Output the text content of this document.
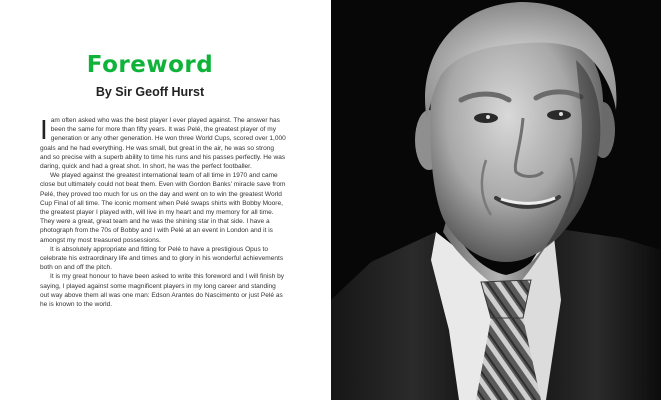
Foreword
By Sir Geoff Hurst

Iam often asked who was the best player I ever played against. The answer has been the same for more than fifty years. It was Pelé, the greatest player of my generation or any other generation. He won three World Cups, scored over 1,000 goals and he had everything. He was small, but great in the air, he was so strong and so precise with a superb ability to time his runs and his passes perfectly. He was daring, quick and had a great shot. In short, he was the perfect footballer.

We played against the greatest international team of all time in 1970 and came close but ultimately could not beat them. Even with Gordon Banks' miracle save from Pelé, they proved too much for us on the day and went on to win the greatest World Cup Final of all time. The iconic moment when Pelé swaps shirts with Bobby Moore, the greatest player I played with, will live in my heart and my memory for all time. They were a great, great team and he was the shining star in that side. I have a photograph from the 70s of Bobby and I with Pelé at an event in London and it is amongst my most treasured possessions.

It is absolutely appropriate and fitting for Pelé to have a prestigious Opus to celebrate his extraordinary life and times and to glory in his wonderful achievements both on and off the pitch.

It is my great honour to have been asked to write this foreword and I will finish by saying, I played against some magnificent players in my long career and standing out way above them all was one man: Edson Arantes do Nascimento or just Pelé as he is known to the world.
